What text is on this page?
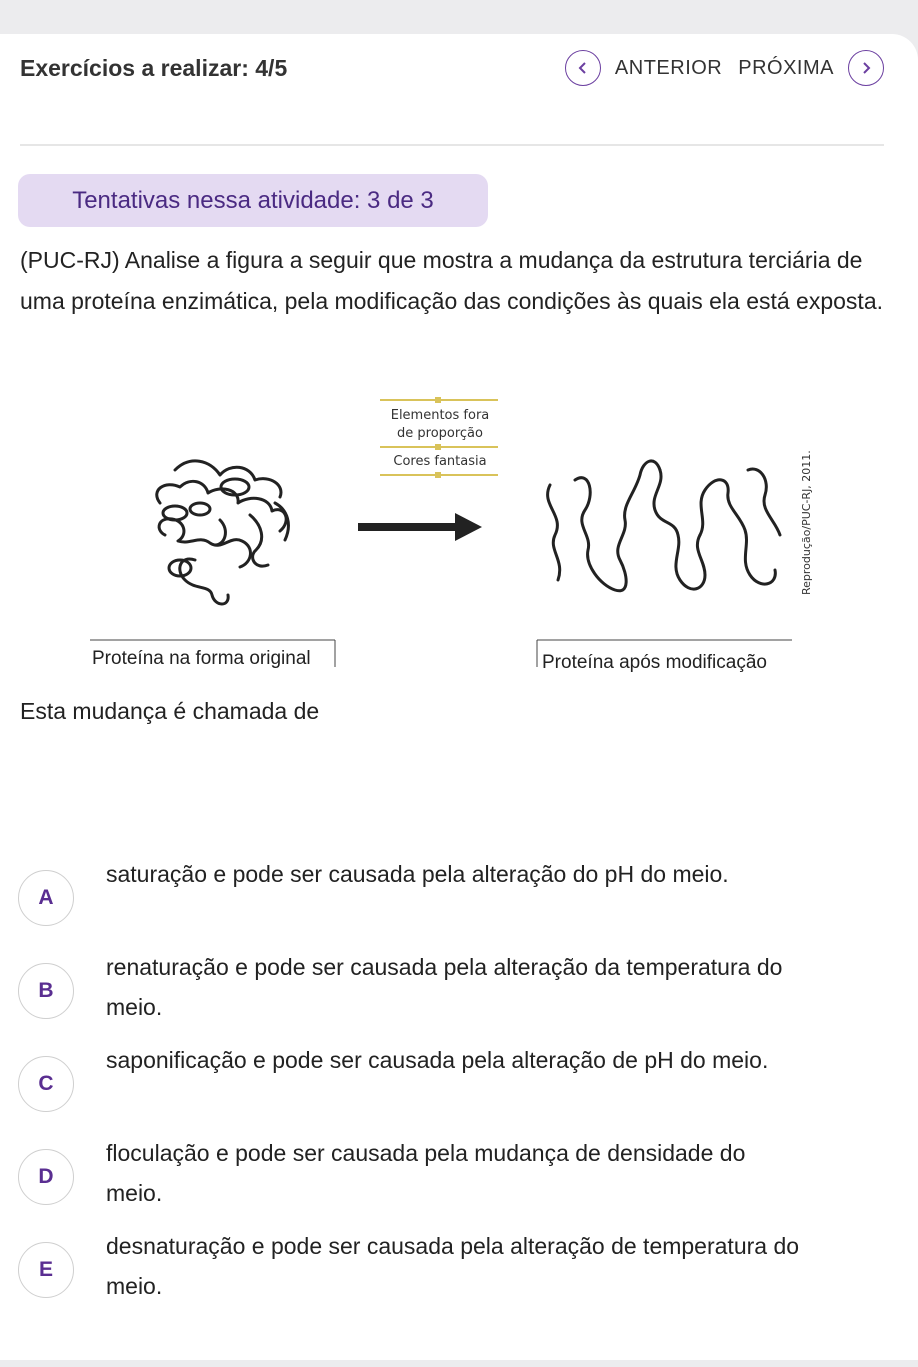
Exercícios a realizar: 4/5	ANTERIOR PRÓXIMA
Tentativas nessa atividade: 3 de 3
(PUC-RJ) Analise a figura a seguir que mostra a mudança da estrutura terciária de uma proteína enzimática, pela modificação das condições às quais ela está exposta.
Elementos fora
de proporção
Cores fantasia
Proteína na forma original	Proteína após modificação
Reprodução/PUC-RJ, 2011.
Esta mudança é chamada de
A
saturação e pode ser causada pela alteração do pH do meio.
B
renaturação e pode ser causada pela alteração da temperatura do meio.
C
saponificação e pode ser causada pela alteração de pH do meio.
D
floculação e pode ser causada pela mudança de densidade do meio.
E
desnaturação e pode ser causada pela alteração de temperatura do meio.
